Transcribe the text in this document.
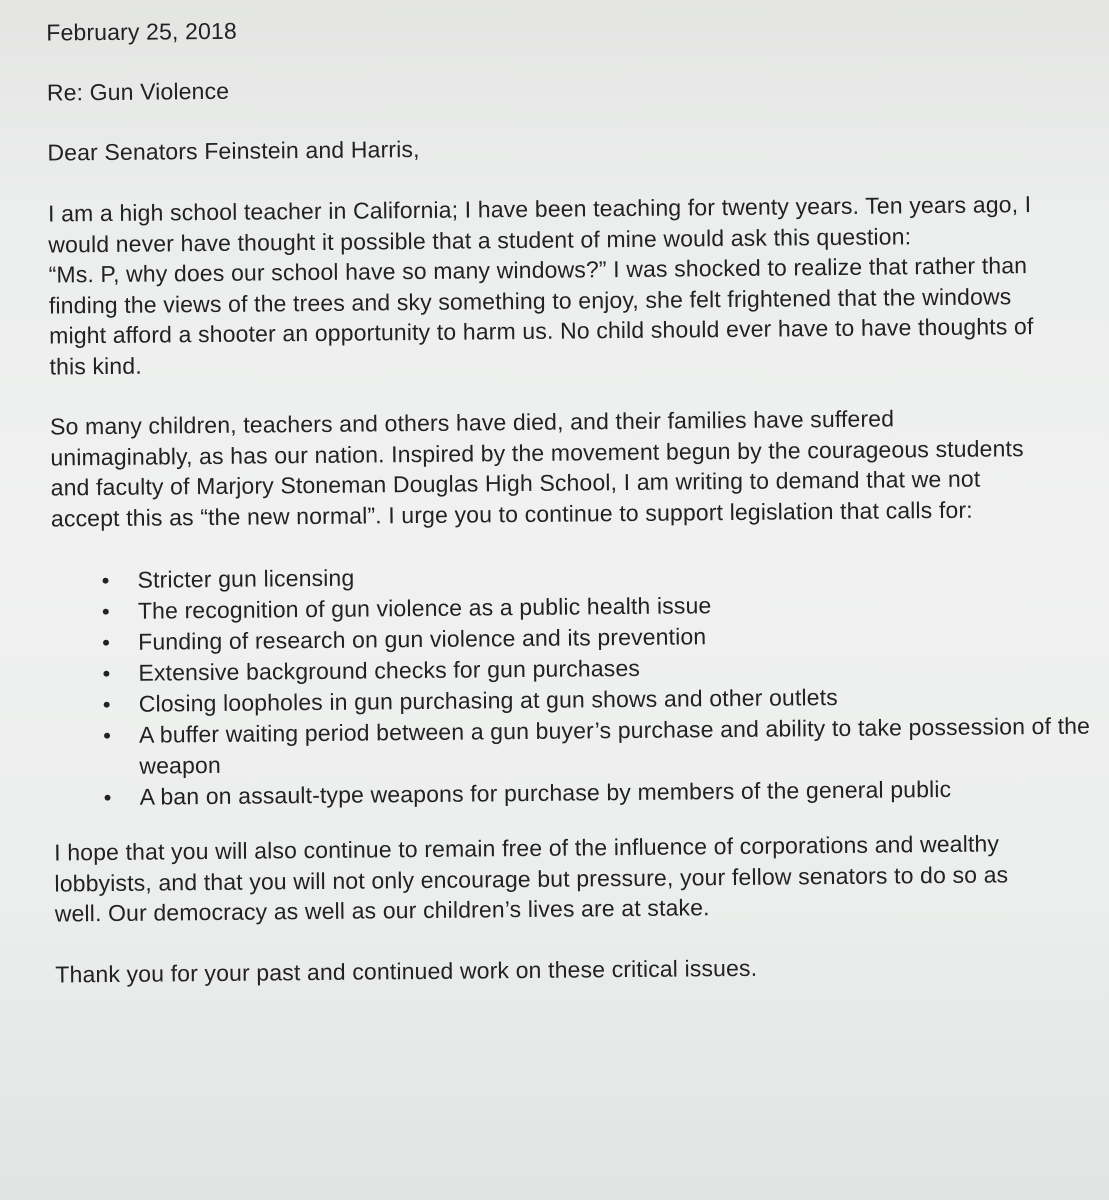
February 25, 2018
Re: Gun Violence
Dear Senators Feinstein and Harris,

I am a high school teacher in California; I have been teaching for twenty years. Ten years ago, I

would never have thought it possible that a student of mine would ask this question:

“Ms. P, why does our school have so many windows?” I was shocked to realize that rather than

finding the views of the trees and sky something to enjoy, she felt frightened that the windows

might afford a shooter an opportunity to harm us. No child should ever have to have thoughts of

this kind.

So many children, teachers and others have died, and their families have suffered

unimaginably, as has our nation. Inspired by the movement begun by the courageous students

and faculty of Marjory Stoneman Douglas High School, I am writing to demand that we not

accept this as “the new normal”. I urge you to continue to support legislation that calls for:

• Stricter gun licensing
• The recognition of gun violence as a public health issue
• Funding of research on gun violence and its prevention
• Extensive background checks for gun purchases
• Closing loopholes in gun purchasing at gun shows and other outlets
• A buffer waiting period between a gun buyer’s purchase and ability to take possession of the weapon
• A ban on assault-type weapons for purchase by members of the general public

I hope that you will also continue to remain free of the influence of corporations and wealthy

lobbyists, and that you will not only encourage but pressure, your fellow senators to do so as

well. Our democracy as well as our children’s lives are at stake.

Thank you for your past and continued work on these critical issues.
